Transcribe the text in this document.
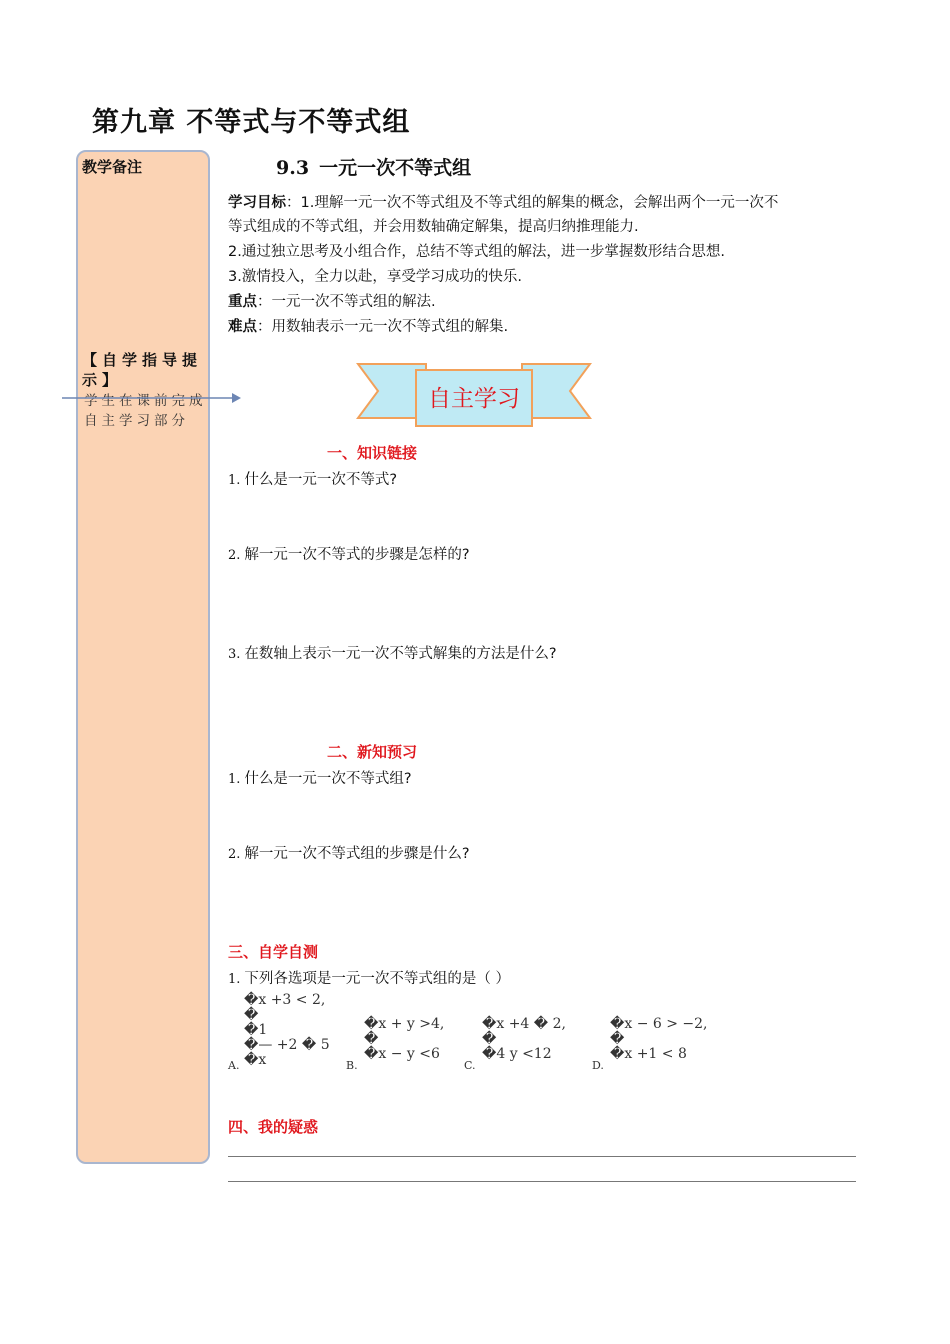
第九章 不等式与不等式组
教学备注
【自学指导提示】
学生在课前完成自主学习部分
9.3 一元一次不等式组
学习目标：1.理解一元一次不等式组及不等式组的解集的概念，会解出两个一元一次不
等式组成的不等式组，并会用数轴确定解集，提高归纳推理能力.
2.通过独立思考及小组合作，总结不等式组的解法，进一步掌握数形结合思想.
3.激情投入，全力以赴，享受学习成功的快乐.
重点：一元一次不等式组的解法.
难点：用数轴表示一元一次不等式组的解集.
自主学习
一、知识链接
1. 什么是一元一次不等式?
2. 解一元一次不等式的步骤是怎样的?
3. 在数轴上表示一元一次不等式解集的方法是什么?
二、新知预习
1. 什么是一元一次不等式组?
2. 解一元一次不等式组的步骤是什么?
三、自学自测
1. 下列各选项是一元一次不等式组的是（ ）
�x +3 < 2,
�
�1
�— +2 � 5
�x
A.
�x + y >4,
�
�x − y <6
B.
�x +4 � 2,
�
�4 y <12
C.
�x − 6 > −2,
�
�x +1 < 8
D.
四、我的疑惑
